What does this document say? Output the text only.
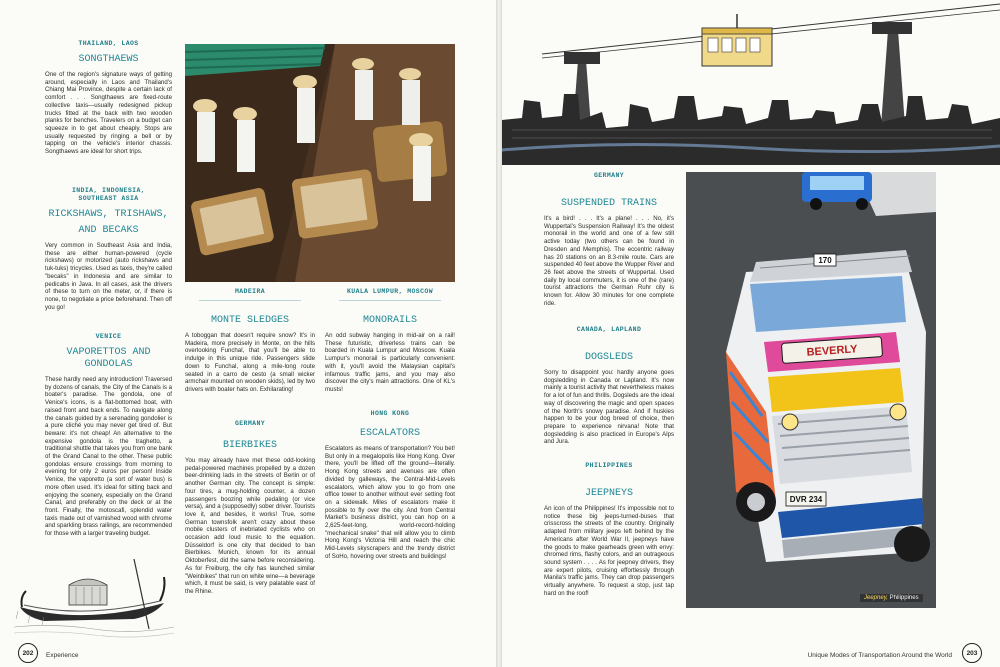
THAILAND, LAOS

SONGTHAEWS

One of the region's signature ways of getting around, especially in Laos and Thailand's Chiang Mai Province, despite a certain lack of comfort . . . Songthaews are fixed-route collective taxis—usually redesigned pickup trucks fitted at the back with two wooden planks for benches. Travelers on a budget can squeeze in to get about cheaply. Stops are usually requested by ringing a bell or by tapping on the vehicle's interior chassis. Songthaews are ideal for short trips.

INDIA, INDONESIA, SOUTHEAST ASIA

RICKSHAWS, TRISHAWS,

AND BECAKS

Very common in Southeast Asia and India, these are either human-powered (cycle rickshaws) or motorized (auto rickshaws and tuk-tuks) tricycles. Used as taxis, they're called "becaks" in Indonesia and are similar to pedicabs in Java. In all cases, ask the drivers of these to turn on the meter, or, if there is none, to negotiate a price beforehand. Then off you go!

VENICE

VAPORETTOS AND GONDOLAS

These hardly need any introduction! Traversed by dozens of canals, the City of the Canals is a boater's paradise. The gondola, one of Venice's icons, is a flat-bottomed boat, with raised front and back ends. To navigate along the canals guided by a serenading gondolier is a pure cliché you may never get tired of. But beware: it's not cheap! An alternative to the expensive gondola is the traghetto, a traditional shuttle that takes you from one bank of the Grand Canal to the other. These public gondolas ensure crossings from morning to evening for only 2 euros per person! Inside Venice, the vaporetto (a sort of water bus) is more often used. It's ideal for sitting back and enjoying the scenery, especially on the Grand Canal, and preferably on the deck or at the front. Finally, the motoscafi, splendid water taxis made out of varnished wood with chrome and sparkling brass railings, are recommended for those with a larger traveling budget.

MADEIRA

MONTE SLEDGES

A toboggan that doesn't require snow? It's in Madeira, more precisely in Monte, on the hills overlooking Funchal, that you'll be able to indulge in this unique ride. Passengers slide down to Funchal, along a mile-long route seated in a carro de cesto (a small wicker armchair mounted on wooden skids), led by two drivers with boater hats on. Exhilarating!

GERMANY

BIERBIKES

You may already have met these odd-looking pedal-powered machines propelled by a dozen beer-drinking lads in the streets of Berlin or of another German city. The concept is simple: four tires, a mug-holding counter, a dozen passengers boozing while pedaling (or vice versa), and a (supposedly) sober driver. Tourists love it, and besides, it works! True, some German townsfolk aren't crazy about these mobile clusters of inebriated cyclists who on occasion add loud music to the equation. Düsseldorf is one city that decided to ban Bierbikes. Munich, known for its annual Oktoberfest, did the same before reconsidering. As for Freiburg, the city has launched similar "Weinbikes" that run on white wine—a beverage which, it must be said, is very palatable east of the Rhine.

KUALA LUMPUR, MOSCOW

MONORAILS

An odd subway hanging in mid-air on a rail! These futuristic, driverless trains can be boarded in Kuala Lumpur and Moscow. Kuala Lumpur's monorail is particularly convenient: with it, you'll avoid the Malaysian capital's infamous traffic jams, and you may also discover the city's main attractions. One of KL's musts!

HONG KONG

ESCALATORS

Escalators as means of transportation? You bet! But only in a megalopolis like Hong Kong. Over there, you'll be lifted off the ground—literally. Hong Kong streets and avenues are often divided by galleways, the Central-Mid-Levels escalators, which allow you to go from one office tower to another without ever setting foot on a sidewalk. Miles of escalators make it possible to fly over the city. And from Central Market's business district, you can hop on a 2,625-feet-long, world-record-holding "mechanical snake" that will allow you to climb Hong Kong's Victoria Hill and reach the chic Mid-Levels skyscrapers and the trendy district of SoHo, hovering over streets and buildings!

202	Experience

GERMANY

SUSPENDED TRAINS

It's a bird! . . . It's a plane! . . . No, it's Wuppertal's Suspension Railway! It's the oldest monorail in the world and one of a few still active today (two others can be found in Dresden and Memphis). The eccentric railway has 20 stations on an 8.3-mile route. Cars are suspended 40 feet above the Wupper River and 26 feet above the streets of Wuppertal. Used daily by local commuters, it is one of the (rare) tourist attractions the German Ruhr city is known for. Allow 30 minutes for one complete ride.

CANADA, LAPLAND

DOGSLEDS

Sorry to disappoint you: hardly anyone goes dogsledding in Canada or Lapland. It's now mainly a tourist activity that nevertheless makes for a lot of fun and thrills. Dogsleds are the ideal way of discovering the magic and open spaces of the North's snowy paradise. And if huskies happen to be your dog breed of choice, then prepare to experience nirvana! Note that dogsledding is also practiced in Europe's Alps and Jura.

PHILIPPINES

JEEPNEYS

An icon of the Philippines! It's impossible not to notice these big jeeps-turned-buses that crisscross the streets of the country. Originally adapted from military jeeps left behind by the Americans after World War II, jeepneys have the goods to make gearheads green with envy: chromed rims, flashy colors, and an outrageous sound system . . . . As for jeepney drivers, they are expert pilots, cruising effortlessly through Manila's traffic jams. They can drop passengers virtually anywhere. To request a stop, just tap hard on the roof!

BEVERLY
170
DVR 234
Jeepney, Philippines
Unique Modes of Transportation Around the World	203
